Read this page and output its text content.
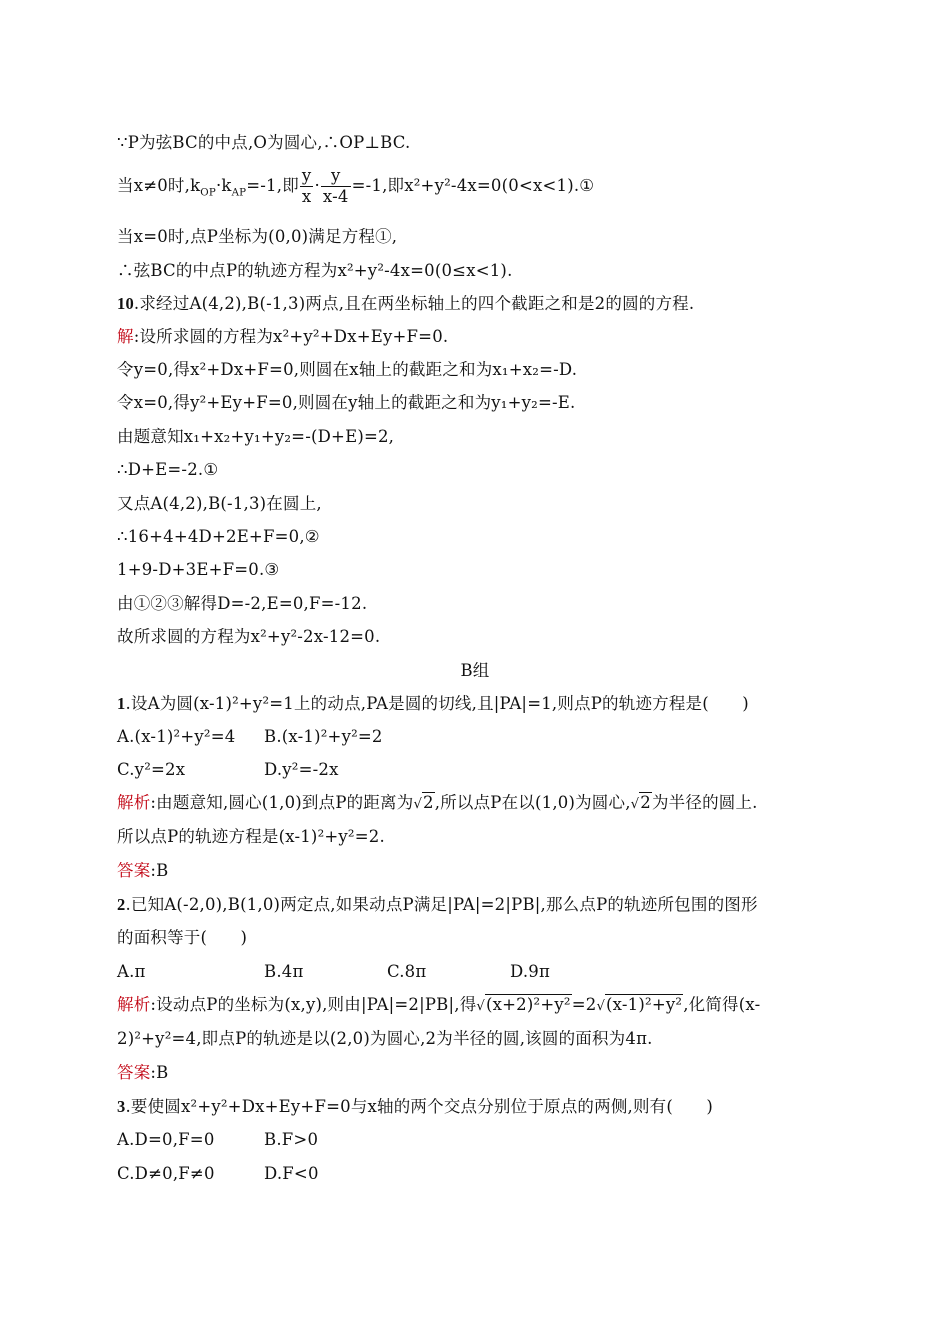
∵P为弦BC的中点,O为圆心,∴OP⊥BC.
当x≠0时$,k_{OP}\cdot k_{AP}=-1$,即 $\frac{y}{x} \cdot \frac{y}{x-4} =-1$,即x²+y²-4x=0(0<x<1).①
当x=0时,点P坐标为(0,0)满足方程①,
∴弦BC的中点P的轨迹方程为x²+y²-4x=0(0≤x<1).
10.求经过A(4,2),B(-1,3)两点,且在两坐标轴上的四个截距之和是2的圆的方程.
解:设所求圆的方程为x²+y²+Dx+Ey+F=0.
令y=0,得x²+Dx+F=0,则圆在x轴上的截距之和为x₁+x₂=-D.
令x=0,得y²+Ey+F=0,则圆在y轴上的截距之和为y₁+y₂=-E.
由题意知x₁+x₂+y₁+y₂=-(D+E)=2,
∴D+E=-2.①
又点A(4,2),B(-1,3)在圆上,
∴16+4+4D+2E+F=0,②
1+9-D+3E+F=0.③
由①②③解得D=-2,E=0,F=-12.
故所求圆的方程为x²+y²-2x-12=0.
B组
1.设A为圆(x-1)²+y²=1上的动点,PA是圆的切线,且|PA|=1,则点P的轨迹方程是(　　)
A.(x-1)²+y²=4 B.(x-1)²+y²=2
C.y²=2x	D.y²=-2x
解析:由题意知,圆心(1,0)到点P的距离为√2,所以点P在以(1,0)为圆心,√2为半径的圆上.
所以点P的轨迹方程是(x-1)²+y²=2.
答案:B
2.已知A(-2,0),B(1,0)两定点,如果动点P满足|PA|=2|PB|,那么点P的轨迹所包围的图形
的面积等于(　　)
A.π	B.4π	C.8π	D.9π
解析:设动点P的坐标为(x,y),则由|PA|=2|PB|,得√(x+2)²+y²=2√(x-1)²+y²,化简得(x-
2)²+y²=4,即点P的轨迹是以(2,0)为圆心,2为半径的圆,该圆的面积为4π.
答案:B
3.要使圆x²+y²+Dx+Ey+F=0与x轴的两个交点分别位于原点的两侧,则有(　　)
A.D=0,F=0	B.F>0
C.D≠0,F≠0	D.F<0
